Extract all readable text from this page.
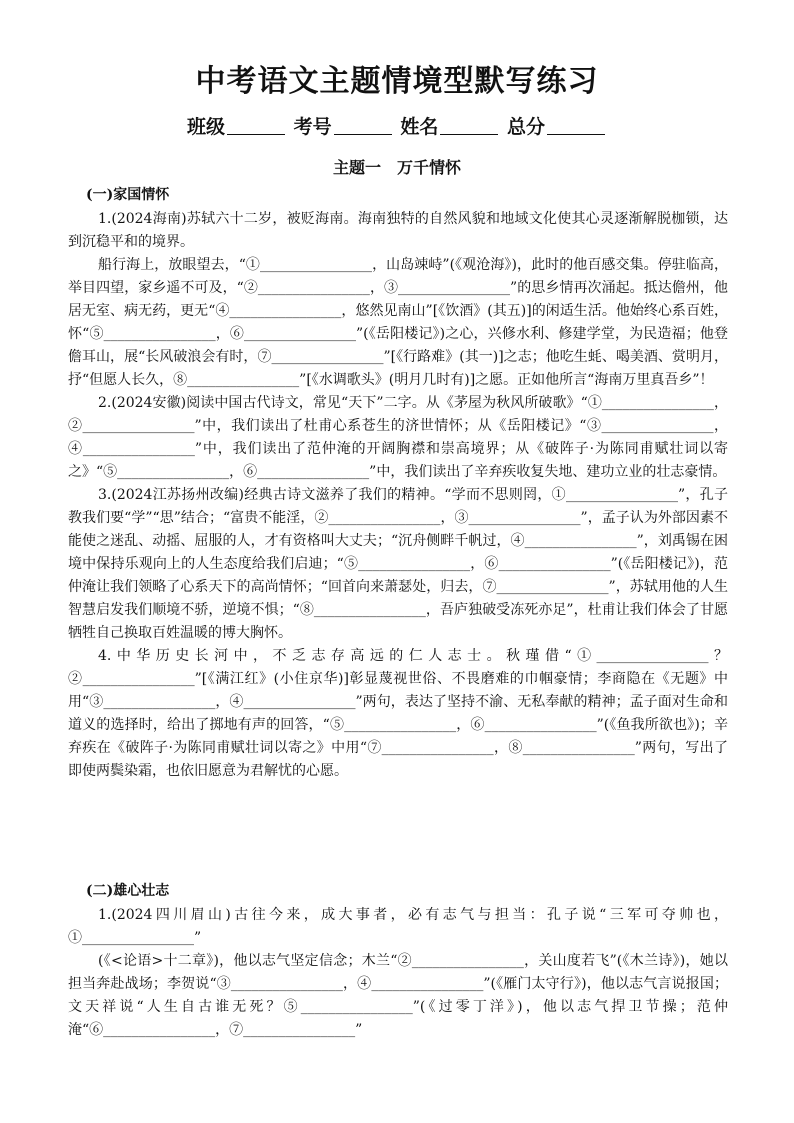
中考语文主题情境型默写练习
班级	考号	姓名	总分
主题一　万千情怀
(一)家国情怀

1.(2024海南)苏轼六十二岁，被贬海南。海南独特的自然风貌和地域文化使其心灵逐渐解脱枷锁，达到沉稳平和的境界。

船行海上，放眼望去，“①________________，山岛竦峙”(《观沧海》)，此时的他百感交集。停驻临高，举目四望，家乡遥不可及，“②________________，③________________”的思乡情再次涌起。抵达儋州，他居无室、病无药，更无“④________________，悠然见南山”[《饮酒》(其五)]的闲适生活。他始终心系百姓，怀“⑤________________，⑥________________”(《岳阳楼记》)之心，兴修水利、修建学堂，为民造福；他登儋耳山，展“长风破浪会有时，⑦________________”[《行路难》(其一)]之志；他吃生蚝、喝美酒、赏明月，抒“但愿人长久，⑧________________”[《水调歌头》(明月几时有)]之愿。正如他所言“海南万里真吾乡”！

2.(2024安徽)阅读中国古代诗文，常见“天下”二字。从《茅屋为秋风所破歌》“①________________，②________________”中，我们读出了杜甫心系苍生的济世情怀；从《岳阳楼记》“③________________，④________________”中，我们读出了范仲淹的开阔胸襟和崇高境界；从《破阵子·为陈同甫赋壮词以寄之》“⑤________________，⑥________________”中，我们读出了辛弃疾收复失地、建功立业的壮志豪情。

3.(2024江苏扬州改编)经典古诗文滋养了我们的精神。“学而不思则罔，①________________”，孔子教我们要“学”“思”结合；“富贵不能淫，②________________，③________________”，孟子认为外部因素不能使之迷乱、动摇、屈服的人，才有资格叫大丈夫；“沉舟侧畔千帆过，④________________”，刘禹锡在困境中保持乐观向上的人生态度给我们启迪；“⑤________________，⑥________________”(《岳阳楼记》)，范仲淹让我们领略了心系天下的高尚情怀；“回首向来萧瑟处，归去，⑦________________”，苏轼用他的人生智慧启发我们顺境不骄，逆境不惧；“⑧________________，吾庐独破受冻死亦足”，杜甫让我们体会了甘愿牺牲自己换取百姓温暖的博大胸怀。

4.中华历史长河中，不乏志存高远的仁人志士。秋瑾借“①________________？②________________”[《满江红》(小住京华)]彰显蔑视世俗、不畏磨难的巾帼豪情；李商隐在《无题》中用“③________________，④________________”两句，表达了坚持不渝、无私奉献的精神；孟子面对生命和道义的选择时，给出了掷地有声的回答，“⑤________________，⑥________________”(《鱼我所欲也》)；辛弃疾在《破阵子·为陈同甫赋壮词以寄之》中用“⑦________________，⑧________________”两句，写出了即使两鬓染霜，也依旧愿意为君解忧的心愿。

(二)雄心壮志

1.(2024四川眉山)古往今来，成大事者，必有志气与担当：孔子说“三军可夺帅也，①________________”

(《<论语>十二章》)，他以志气坚定信念；木兰“②________________，关山度若飞”(《木兰诗》)，她以担当奔赴战场；李贺说“③________________，④________________”(《雁门太守行》)，他以志气言说报国；文天祥说“人生自古谁无死？⑤________________”(《过零丁洋》)，他以志气捍卫节操；范仲淹“⑥________________，⑦________________”
